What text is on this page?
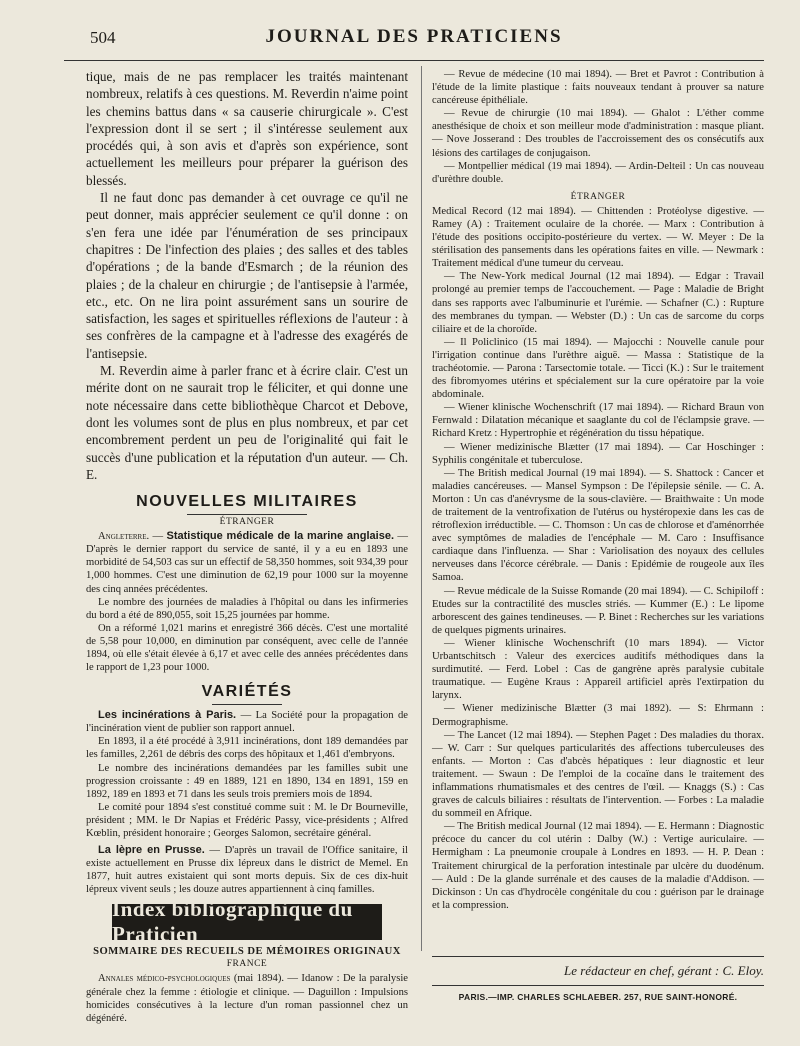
504	JOURNAL DES PRATICIENS

tique, mais de ne pas remplacer les traités maintenant nombreux, relatifs à ces questions. M. Reverdin n'aime point les chemins battus dans « sa causerie chirurgicale ». C'est l'expression dont il se sert ; il s'intéresse seulement aux procédés qui, à son avis et d'après son expérience, sont actuellement les meilleurs pour préparer la guérison des blessés.

Il ne faut donc pas demander à cet ouvrage ce qu'il ne peut donner, mais apprécier seulement ce qu'il donne : on s'en fera une idée par l'énumération de ses principaux chapitres : De l'infection des plaies ; des salles et des tables d'opérations ; de la bande d'Esmarch ; de la réunion des plaies ; de la chaleur en chirurgie ; de l'antisepsie à l'armée, etc., etc. On ne lira point assurément sans un sourire de satisfaction, les sages et spirituelles réflexions de l'auteur : à ses confrères de la campagne et à l'adresse des exagérés de l'antisepsie.

M. Reverdin aime à parler franc et à écrire clair. C'est un mérite dont on ne saurait trop le féliciter, et qui donne une note nécessaire dans cette bibliothèque Charcot et Debove, dont les volumes sont de plus en plus nombreux, et par cet encombrement perdent un peu de l'originalité qui fait le succès d'une publication et la réputation d'un auteur. — Ch. E.

NOUVELLES MILITAIRES
ÉTRANGER

Angleterre. — Statistique médicale de la marine anglaise. — D'après le dernier rapport du service de santé, il y a eu en 1893 une morbidité de 54,503 cas sur un effectif de 58,350 hommes, soit 934,39 pour 1,000 hommes. C'est une diminution de 62,19 pour 1000 sur la moyenne des cinq années précédentes.

Le nombre des journées de maladies à l'hôpital ou dans les infirmeries du bord a été de 890,055, soit 15,25 journées par homme.

On a réformé 1,021 marins et enregistré 366 décès. C'est une mortalité de 5,58 pour 10,000, en diminution par conséquent, avec celle de l'année 1894, où elle s'était élevée à 6,17 et avec celle des années précédentes dans le rapport de 1,23 pour 1000.

VARIÉTÉS

Les incinérations à Paris. — La Société pour la propagation de l'incinération vient de publier son rapport annuel.

En 1893, il a été procédé à 3,911 incinérations, dont 189 demandées par les familles, 2,261 de débris des corps des hôpitaux et 1,461 d'embryons.

Le nombre des incinérations demandées par les familles subit une progression croissante : 49 en 1889, 121 en 1890, 134 en 1891, 159 en 1892, 189 en 1893 et 71 dans les seuls trois premiers mois de 1894.

Le comité pour 1894 s'est constitué comme suit : M. le Dr Bourneville, président ; MM. le Dr Napias et Frédéric Passy, vice-présidents ; Alfred Kœblin, président honoraire ; Georges Salomon, secrétaire général.

La lèpre en Prusse. — D'après un travail de l'Office sanitaire, il existe actuellement en Prusse dix lépreux dans le district de Memel. En 1877, huit autres existaient qui sont morts depuis. Six de ces dix-huit lépreux vivent seuls ; les douze autres appartiennent à cinq familles.

Index bibliographique du Praticien
SOMMAIRE DES RECUEILS DE MÉMOIRES ORIGINAUX
FRANCE

Annales médico-psychologiques (mai 1894). — Idanow : De la paralysie générale chez la femme : étiologie et clinique. — Daguillon : Impulsions homicides consécutives à la lecture d'un roman passionnel chez un dégénéré.

— Revue de médecine (10 mai 1894). — Bret et Pavrot : Contribution à l'étude de la limite plastique : faits nouveaux tendant à prouver sa nature cancéreuse épithéliale.

— Revue de chirurgie (10 mai 1894). — Ghalot : L'éther comme anesthésique de choix et son meilleur mode d'administration : masque pliant. — Nove Josserand : Des troubles de l'accroissement des os consécutifs aux lésions des cartilages de conjugaison.

— Montpellier médical (19 mai 1894). — Ardin-Delteil : Un cas nouveau d'urèthre double.

ÉTRANGER

Medical Record (12 mai 1894). — Chittenden : Protéolyse digestive. — Ramey (A) : Traitement oculaire de la chorée. — Marx : Contribution à l'étude des positions occipito-postérieure du vertex. — W. Meyer : De la stérilisation des pansements dans les opérations faites en ville. — Newmark : Traitement médical d'une tumeur du cerveau.

— The New-York medical Journal (12 mai 1894). — Edgar : Travail prolongé au premier temps de l'accouchement. — Page : Maladie de Bright dans ses rapports avec l'albuminurie et l'urémie. — Schafner (C.) : Rupture des membranes du tympan. — Webster (D.) : Un cas de sarcome du corps ciliaire et de la choroïde.

— Il Policlinico (15 mai 1894). — Majocchi : Nouvelle canule pour l'irrigation continue dans l'urèthre aiguë. — Massa : Statistique de la trachéotomie. — Parona : Tarsectomie totale. — Ticci (K.) : Sur le traitement des fibromyomes utérins et spécialement sur la cure opératoire par la voie abdominale.

— Wiener klinische Wochenschrift (17 mai 1894). — Richard Braun von Fernwald : Dilatation mécanique et saaglante du col de l'éclampsie grave. — Richard Kretz : Hypertrophie et régénération du tissu hépatique.

— Wiener medizinische Blætter (17 mai 1894). — Car Hoschinger : Syphilis congénitale et tuberculose.

— The British medical Journal (19 mai 1894). — S. Shattock : Cancer et maladies cancéreuses. — Mansel Sympson : De l'épilepsie sénile. — C. A. Morton : Un cas d'anévrysme de la sous-clavière. — Braithwaite : Un mode de traitement de la ventrofixation de l'utérus ou hystéropexie dans les cas de rétroflexion irréductible. — C. Thomson : Un cas de chlorose et d'aménorrhée avec symptômes de maladies de l'encéphale — M. Caro : Insuffisance cardiaque dans l'influenza. — Shar : Variolisation des noyaux des cellules nerveuses dans l'écorce cérébrale. — Danis : Epidémie de rougeole aux îles Samoa.

— Revue médicale de la Suisse Romande (20 mai 1894). — C. Schipiloff : Etudes sur la contractilité des muscles striés. — Kummer (E.) : Le lipome arborescent des gaines tendineuses. — P. Binet : Recherches sur les variations de quelques pigments urinaires.

— Wiener klinische Wochenschrift (10 mars 1894). — Victor Urbantschitsch : Valeur des exercices auditifs méthodiques dans la surdimutité. — Ferd. Lobel : Cas de gangrène après paralysie cubitale traumatique. — Eugène Kraus : Appareil artificiel après l'extirpation du larynx.

— Wiener medizinische Blætter (3 mai 1892). — S: Ehrmann : Dermographisme.

— The Lancet (12 mai 1894). — Stephen Paget : Des maladies du thorax. — W. Carr : Sur quelques particularités des affections tuberculeuses des enfants. — Morton : Cas d'abcès hépatiques : leur diagnostic et leur traitement. — Swaun : De l'emploi de la cocaïne dans le traitement des inflammations rhumatismales et des centres de l'œil. — Knaggs (S.) : Cas graves de calculs biliaires : résultats de l'intervention. — Forbes : La maladie du sommeil en Afrique.

— The British medical Journal (12 mai 1894). — E. Hermann : Diagnostic précoce du cancer du col utérin : Dalby (W.) : Vertige auriculaire. — Hermigham : La pneumonie croupale à Londres en 1893. — H. P. Dean : Traitement chirurgical de la perforation intestinale par ulcère du duodénum. — Auld : De la glande surrénale et des causes de la maladie d'Addison. — Dickinson : Un cas d'hydrocèle congénitale du cou : guérison par le drainage et la compression.

Le rédacteur en chef, gérant : C. Eloy.
PARIS.—IMP. CHARLES SCHLAEBER. 257, RUE SAINT-HONORÉ.
